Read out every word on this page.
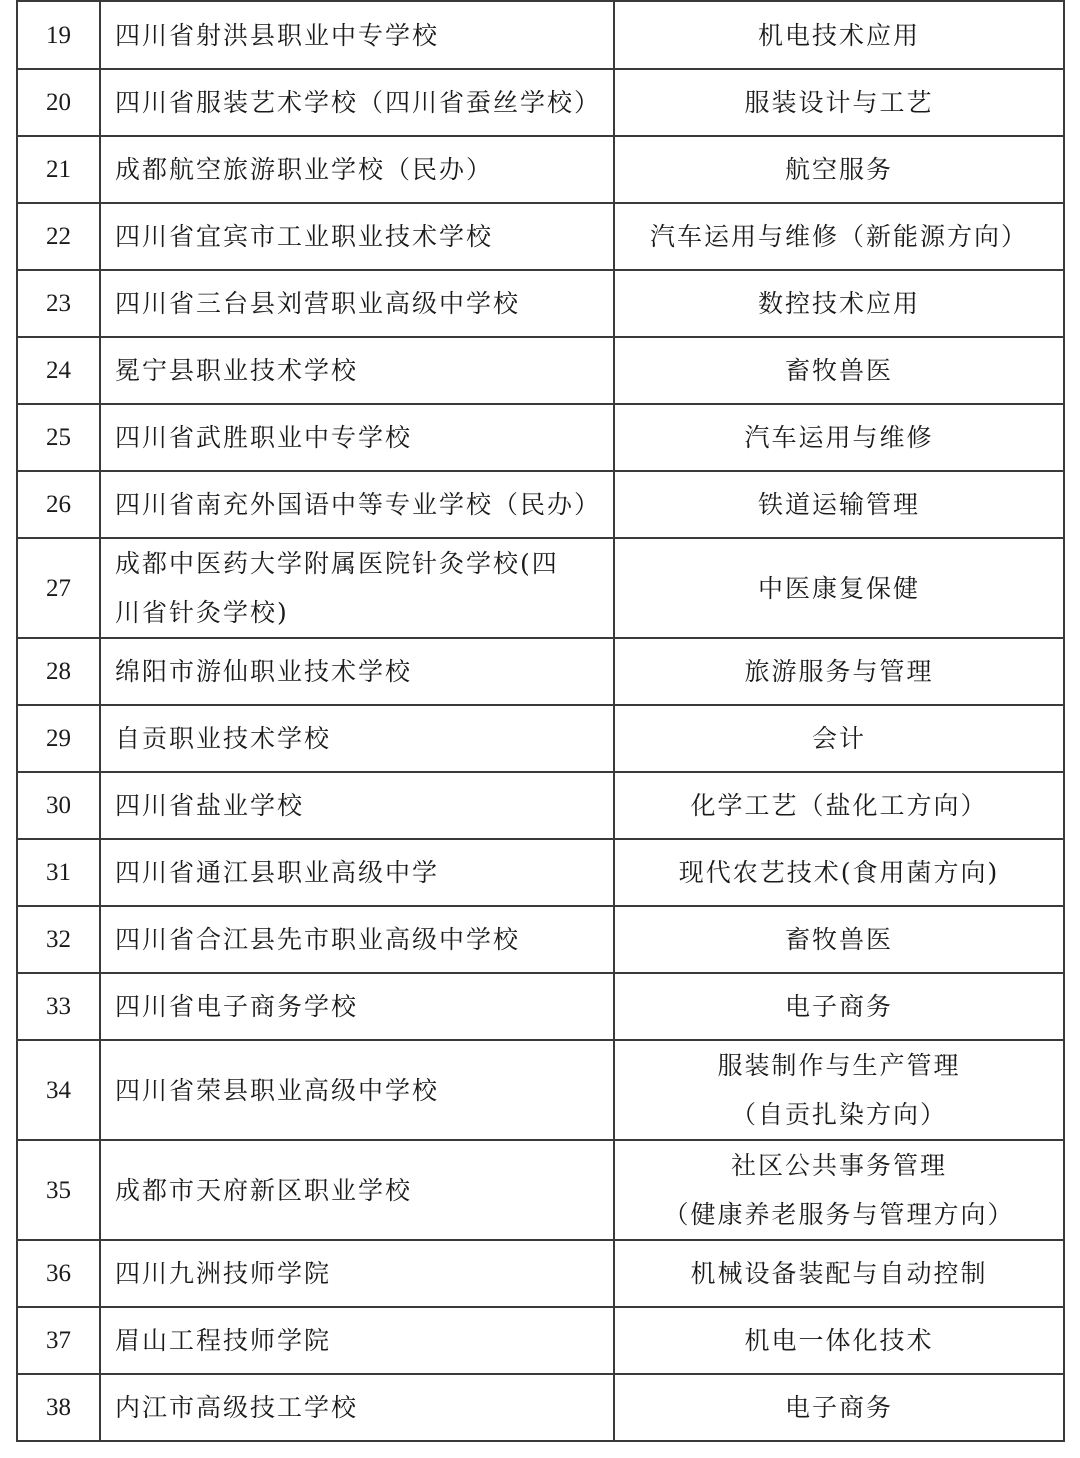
19	四川省射洪县职业中专学校	机电技术应用

20	四川省服装艺术学校（四川省蚕丝学校）	服装设计与工艺

21	成都航空旅游职业学校（民办）	航空服务

22	四川省宜宾市工业职业技术学校	汽车运用与维修（新能源方向）

23	四川省三台县刘营职业高级中学校	数控技术应用

24	冕宁县职业技术学校	畜牧兽医

25	四川省武胜职业中专学校	汽车运用与维修

26	四川省南充外国语中等专业学校（民办）	铁道运输管理

27	成都中医药大学附属医院针灸学校(四
川省针灸学校)	中医康复保健

28	绵阳市游仙职业技术学校	旅游服务与管理

29	自贡职业技术学校	会计

30	四川省盐业学校	化学工艺（盐化工方向）

31	四川省通江县职业高级中学	现代农艺技术(食用菌方向)

32	四川省合江县先市职业高级中学校	畜牧兽医

33	四川省电子商务学校	电子商务

34	四川省荣县职业高级中学校	服装制作与生产管理
（自贡扎染方向）

35	成都市天府新区职业学校	社区公共事务管理
（健康养老服务与管理方向）

36	四川九洲技师学院	机械设备装配与自动控制

37	眉山工程技师学院	机电一体化技术

38	内江市高级技工学校	电子商务
